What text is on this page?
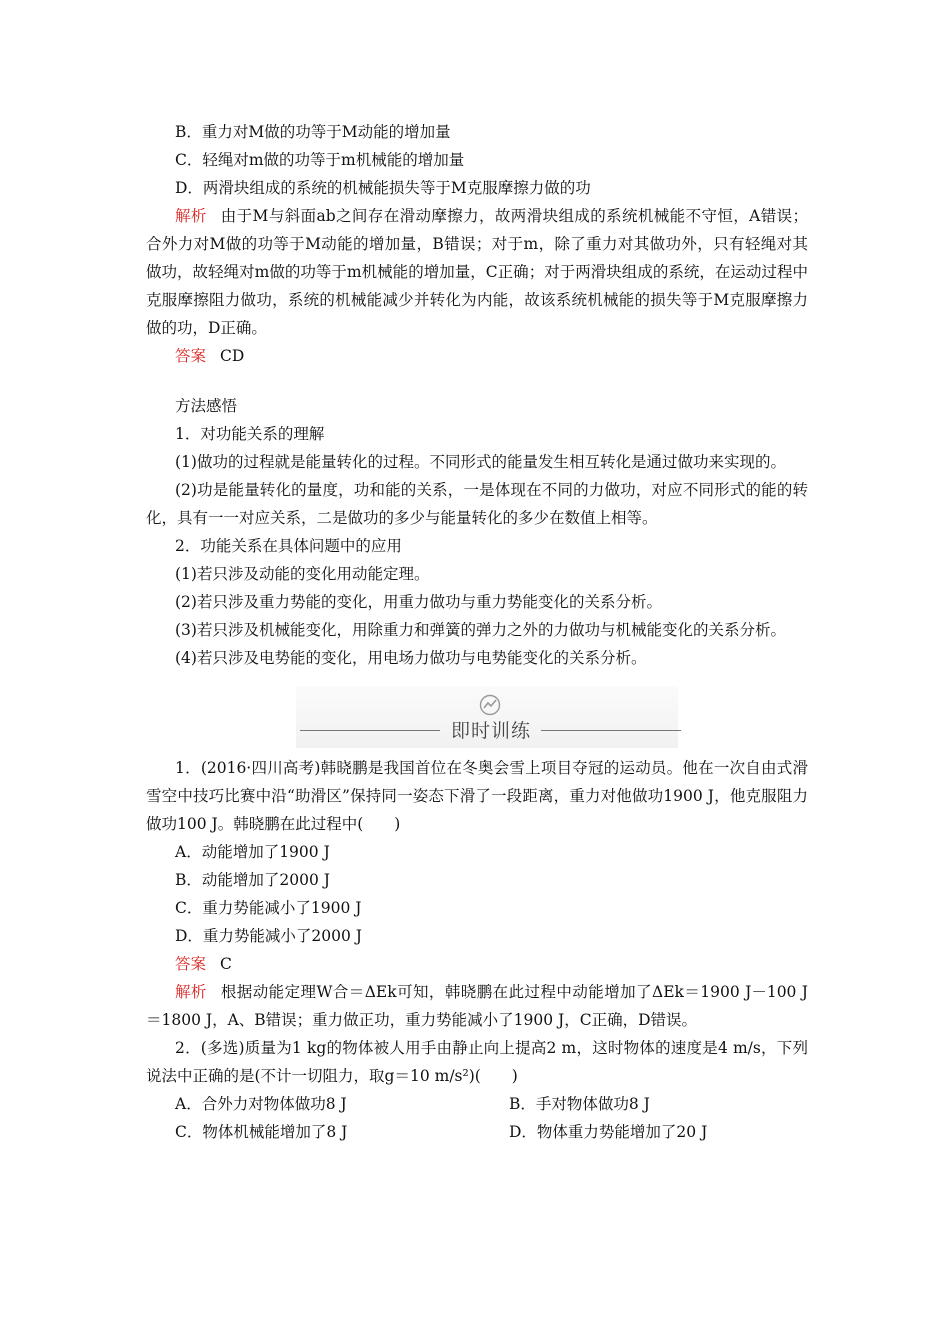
B．重力对M做的功等于M动能的增加量
C．轻绳对m做的功等于m机械能的增加量
D．两滑块组成的系统的机械能损失等于M克服摩擦力做的功
解析 由于M与斜面ab之间存在滑动摩擦力，故两滑块组成的系统机械能不守恒，A错误；合外力对M做的功等于M动能的增加量，B错误；对于m，除了重力对其做功外，只有轻绳对其做功，故轻绳对m做的功等于m机械能的增加量，C正确；对于两滑块组成的系统，在运动过程中克服摩擦阻力做功，系统的机械能减少并转化为内能，故该系统机械能的损失等于M克服摩擦力做的功，D正确。
答案 CD
方法感悟
1．对功能关系的理解
(1)做功的过程就是能量转化的过程。不同形式的能量发生相互转化是通过做功来实现的。
(2)功是能量转化的量度，功和能的关系，一是体现在不同的力做功，对应不同形式的能的转化，具有一一对应关系，二是做功的多少与能量转化的多少在数值上相等。
2．功能关系在具体问题中的应用
(1)若只涉及动能的变化用动能定理。
(2)若只涉及重力势能的变化，用重力做功与重力势能变化的关系分析。
(3)若只涉及机械能变化，用除重力和弹簧的弹力之外的力做功与机械能变化的关系分析。
(4)若只涉及电势能的变化，用电场力做功与电势能变化的关系分析。
即时训练
1．(2016·四川高考)韩晓鹏是我国首位在冬奥会雪上项目夺冠的运动员。他在一次自由式滑雪空中技巧比赛中沿“助滑区”保持同一姿态下滑了一段距离，重力对他做功1900 J，他克服阻力做功100 J。韩晓鹏在此过程中(　　)
A．动能增加了1900 J
B．动能增加了2000 J
C．重力势能减小了1900 J
D．重力势能减小了2000 J
答案 C
解析 根据动能定理W合＝ΔEk可知，韩晓鹏在此过程中动能增加了ΔEk＝1900 J－100 J＝1800 J，A、B错误；重力做正功，重力势能减小了1900 J，C正确，D错误。
2．(多选)质量为1 kg的物体被人用手由静止向上提高2 m，这时物体的速度是4 m/s，下列说法中正确的是(不计一切阻力，取g＝10 m/s²)(　　)
A．合外力对物体做功8 J	B．手对物体做功8 J
C．物体机械能增加了8 J	D．物体重力势能增加了20 J
